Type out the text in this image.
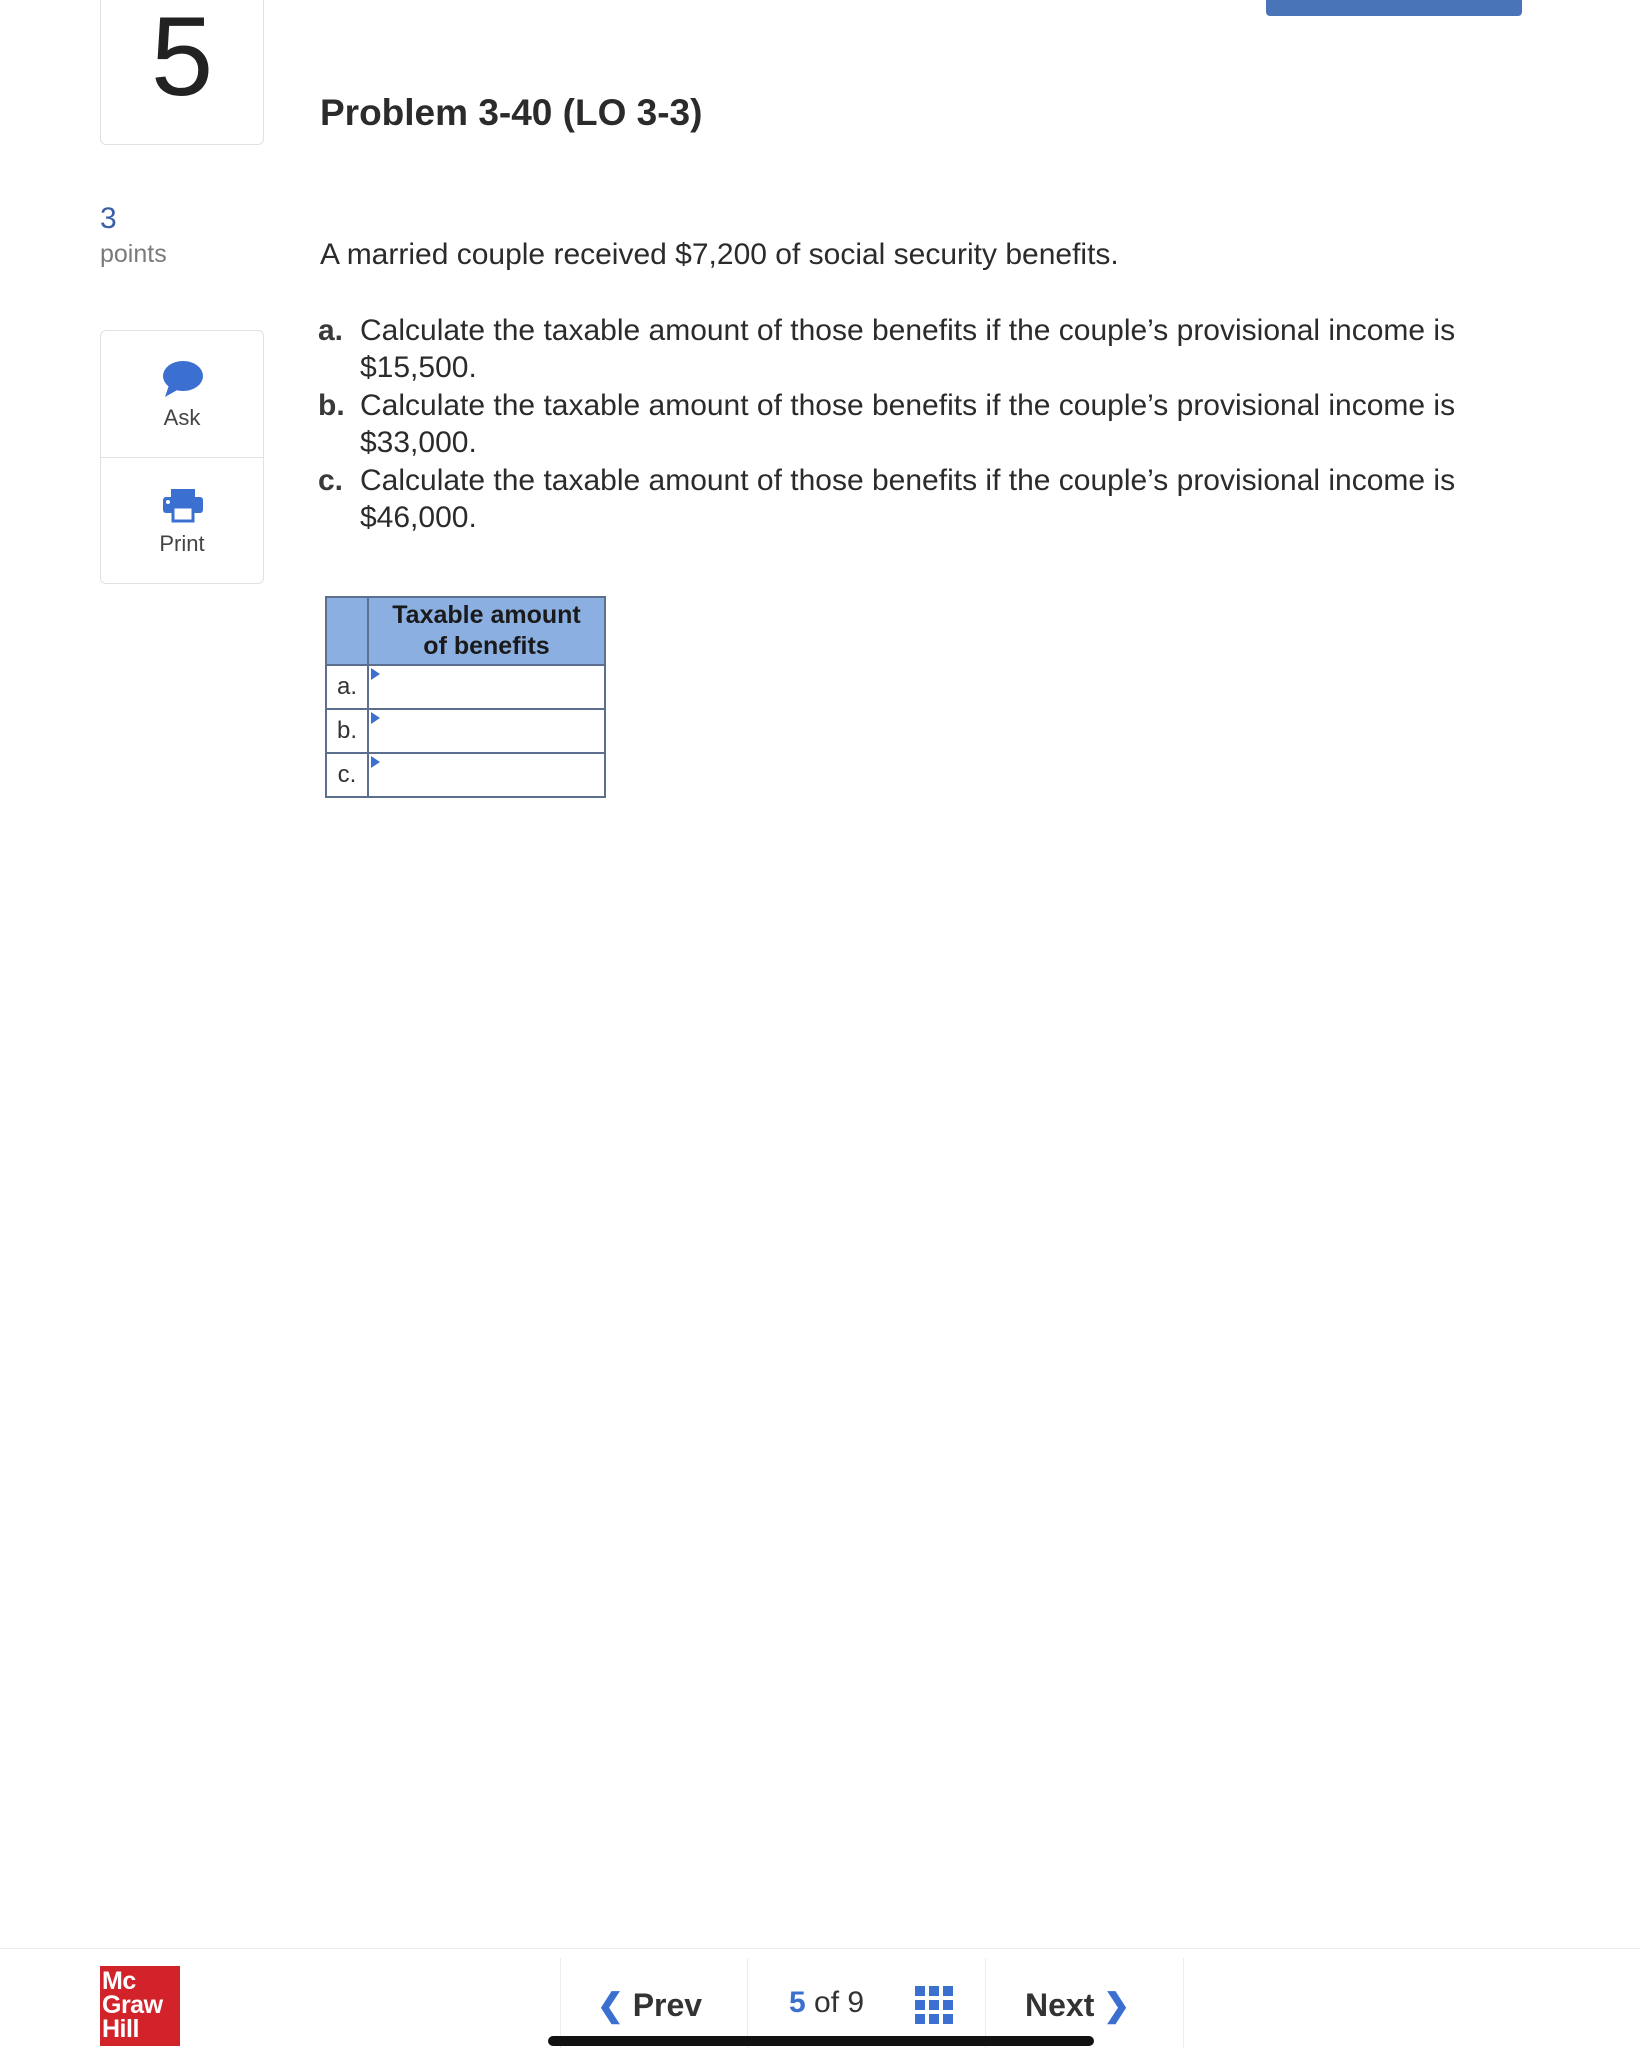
5	Problem 3-40 (LO 3-3)
3
points
Ask
Print
A married couple received $7,200 of social security benefits.
a. Calculate the taxable amount of those benefits if the couple’s provisional income is $15,500.
b. Calculate the taxable amount of those benefits if the couple’s provisional income is $33,000.
c. Calculate the taxable amount of those benefits if the couple’s provisional income is $46,000.

	Taxable amount
of benefits

a.	

b.	

c.	
Mc
Graw
Hill
❮ Prev	5 of 9	Next ❯
